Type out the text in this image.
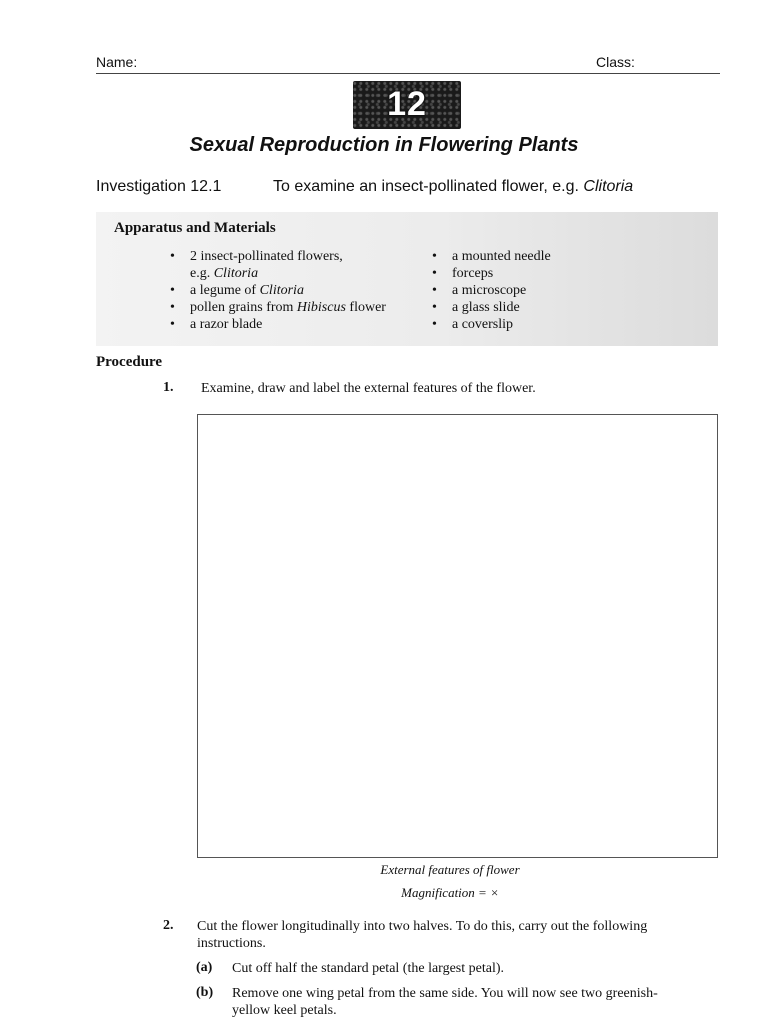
Name:	Class:
12
Sexual Reproduction in Flowering Plants
Investigation 12.1	To examine an insect-pollinated flower, e.g. Clitoria
Apparatus and Materials
• 2 insect-pollinated flowers,
e.g. Clitoria
• a legume of Clitoria
• pollen grains from Hibiscus flower
• a razor blade
• a mounted needle
• forceps
• a microscope
• a glass slide
• a coverslip
Procedure
1. Examine, draw and label the external features of the flower.
External features of flower
Magnification = ×
2. Cut the flower longitudinally into two halves. To do this, carry out the following
instructions.
(a) Cut off half the standard petal (the largest petal).
(b) Remove one wing petal from the same side. You will now see two greenish-
yellow keel petals.
